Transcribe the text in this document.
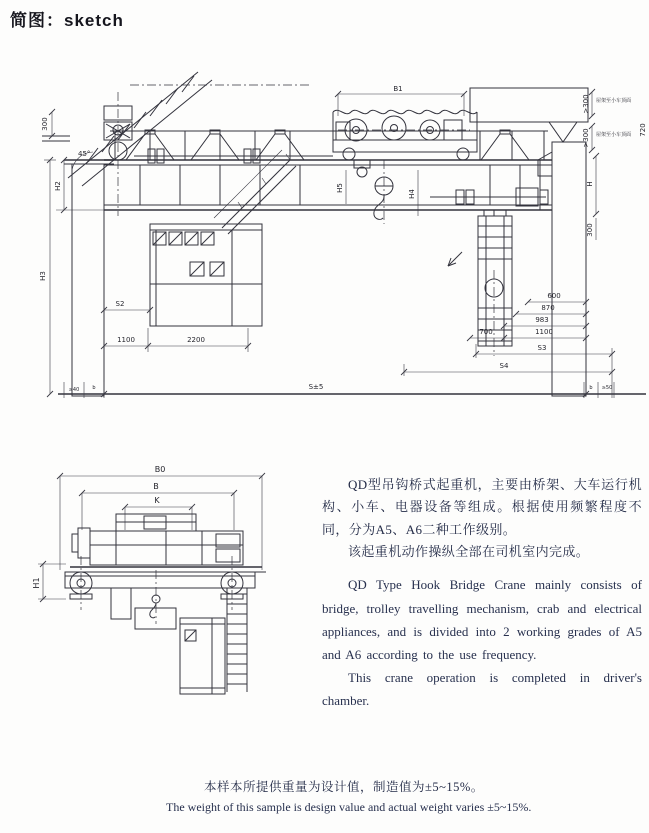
简图：sketch
300
45°
H2
H3
S2
1100	2200
≥40	b	S±5
B1
H5
H4
>300 屋架至小车顶面
>300 屋架至小车顶面 720
H
300
600
870
983
700	1100
S3
S4
b ≥50
B0
B
K
H1

QD型吊钩桥式起重机，主要由桥架、大车运行机构、小车、电器设备等组成。根据使用频繁程度不同，分为A5、A6二种工作级别。

该起重机动作操纵全部在司机室内完成。

QD Type Hook Bridge Crane mainly consists of bridge, trolley travelling mechanism, crab and electrical appliances, and is divided into 2 working grades of A5 and A6 according to the use frequency.

This crane operation is completed in driver's chamber.

本样本所提供重量为设计值，制造值为±5~15%。
The weight of this sample is design value and actual weight varies ±5~15%.
